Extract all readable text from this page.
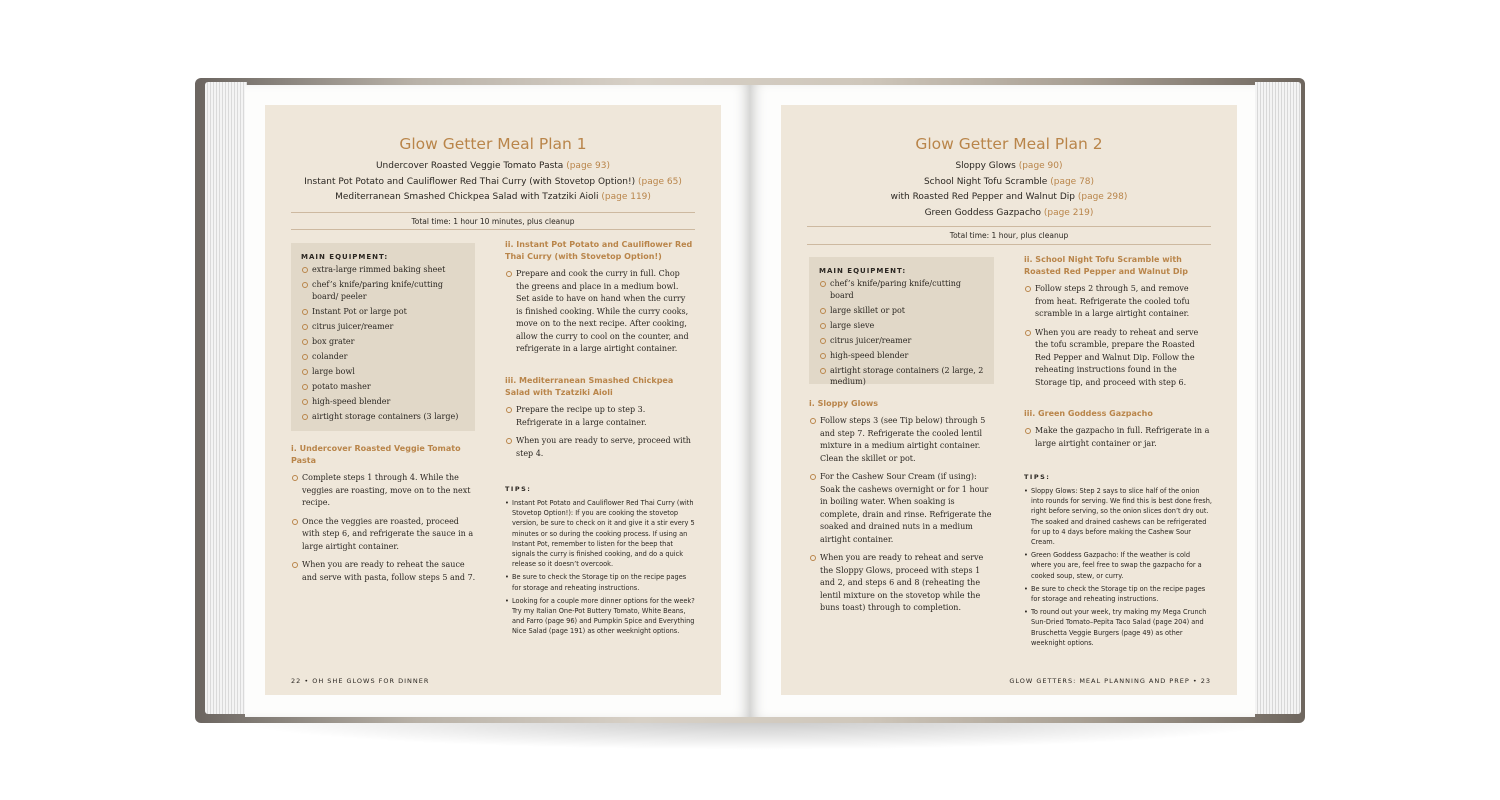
Glow Getter Meal Plan 1
Undercover Roasted Veggie Tomato Pasta (page 93)
Instant Pot Potato and Cauliflower Red Thai Curry (with Stovetop Option!) (page 65)
Mediterranean Smashed Chickpea Salad with Tzatziki Aioli (page 119)
Total time: 1 hour 10 minutes, plus cleanup
MAIN EQUIPMENT:
extra-large rimmed baking sheet
chef’s knife/paring knife/cutting board/ peeler
Instant Pot or large pot
citrus juicer/reamer
box grater
colander
large bowl
potato masher
high-speed blender
airtight storage containers (3 large)
i. Undercover Roasted Veggie Tomato Pasta
Complete steps 1 through 4. While the veggies are roasting, move on to the next recipe.
Once the veggies are roasted, proceed with step 6, and refrigerate the sauce in a large airtight container.
When you are ready to reheat the sauce and serve with pasta, follow steps 5 and 7.
ii. Instant Pot Potato and Cauliflower Red Thai Curry (with Stovetop Option!)
Prepare and cook the curry in full. Chop the greens and place in a medium bowl. Set aside to have on hand when the curry is finished cooking. While the curry cooks, move on to the next recipe. After cooking, allow the curry to cool on the counter, and refrigerate in a large airtight container.
iii. Mediterranean Smashed Chickpea Salad with Tzatziki Aioli
Prepare the recipe up to step 3. Refrigerate in a large container.
When you are ready to serve, proceed with step 4.
TIPS:
• Instant Pot Potato and Cauliflower Red Thai Curry (with Stovetop Option!): If you are cooking the stovetop version, be sure to check on it and give it a stir every 5 minutes or so during the cooking process. If using an Instant Pot, remember to listen for the beep that signals the curry is finished cooking, and do a quick release so it doesn’t overcook.
• Be sure to check the Storage tip on the recipe pages for storage and reheating instructions.
• Looking for a couple more dinner options for the week? Try my Italian One-Pot Buttery Tomato, White Beans, and Farro (page 96) and Pumpkin Spice and Everything Nice Salad (page 191) as other weeknight options.
22 • OH SHE GLOWS FOR DINNER
Glow Getter Meal Plan 2
Sloppy Glows (page 90)
School Night Tofu Scramble (page 78)
with Roasted Red Pepper and Walnut Dip (page 298)
Green Goddess Gazpacho (page 219)
Total time: 1 hour, plus cleanup
MAIN EQUIPMENT:
chef’s knife/paring knife/cutting board
large skillet or pot
large sieve
citrus juicer/reamer
high-speed blender
airtight storage containers (2 large, 2 medium)
i. Sloppy Glows
Follow steps 3 (see Tip below) through 5 and step 7. Refrigerate the cooled lentil mixture in a medium airtight container. Clean the skillet or pot.
For the Cashew Sour Cream (if using): Soak the cashews overnight or for 1 hour in boiling water. When soaking is complete, drain and rinse. Refrigerate the soaked and drained nuts in a medium airtight container.
When you are ready to reheat and serve the Sloppy Glows, proceed with steps 1 and 2, and steps 6 and 8 (reheating the lentil mixture on the stovetop while the buns toast) through to completion.
ii. School Night Tofu Scramble with Roasted Red Pepper and Walnut Dip
Follow steps 2 through 5, and remove from heat. Refrigerate the cooled tofu scramble in a large airtight container.
When you are ready to reheat and serve the tofu scramble, prepare the Roasted Red Pepper and Walnut Dip. Follow the reheating instructions found in the Storage tip, and proceed with step 6.
iii. Green Goddess Gazpacho
Make the gazpacho in full. Refrigerate in a large airtight container or jar.
TIPS:
• Sloppy Glows: Step 2 says to slice half of the onion into rounds for serving. We find this is best done fresh, right before serving, so the onion slices don’t dry out. The soaked and drained cashews can be refrigerated for up to 4 days before making the Cashew Sour Cream.
• Green Goddess Gazpacho: If the weather is cold where you are, feel free to swap the gazpacho for a cooked soup, stew, or curry.
• Be sure to check the Storage tip on the recipe pages for storage and reheating instructions.
• To round out your week, try making my Mega Crunch Sun-Dried Tomato–Pepita Taco Salad (page 204) and Bruschetta Veggie Burgers (page 49) as other weeknight options.
GLOW GETTERS: MEAL PLANNING AND PREP • 23
